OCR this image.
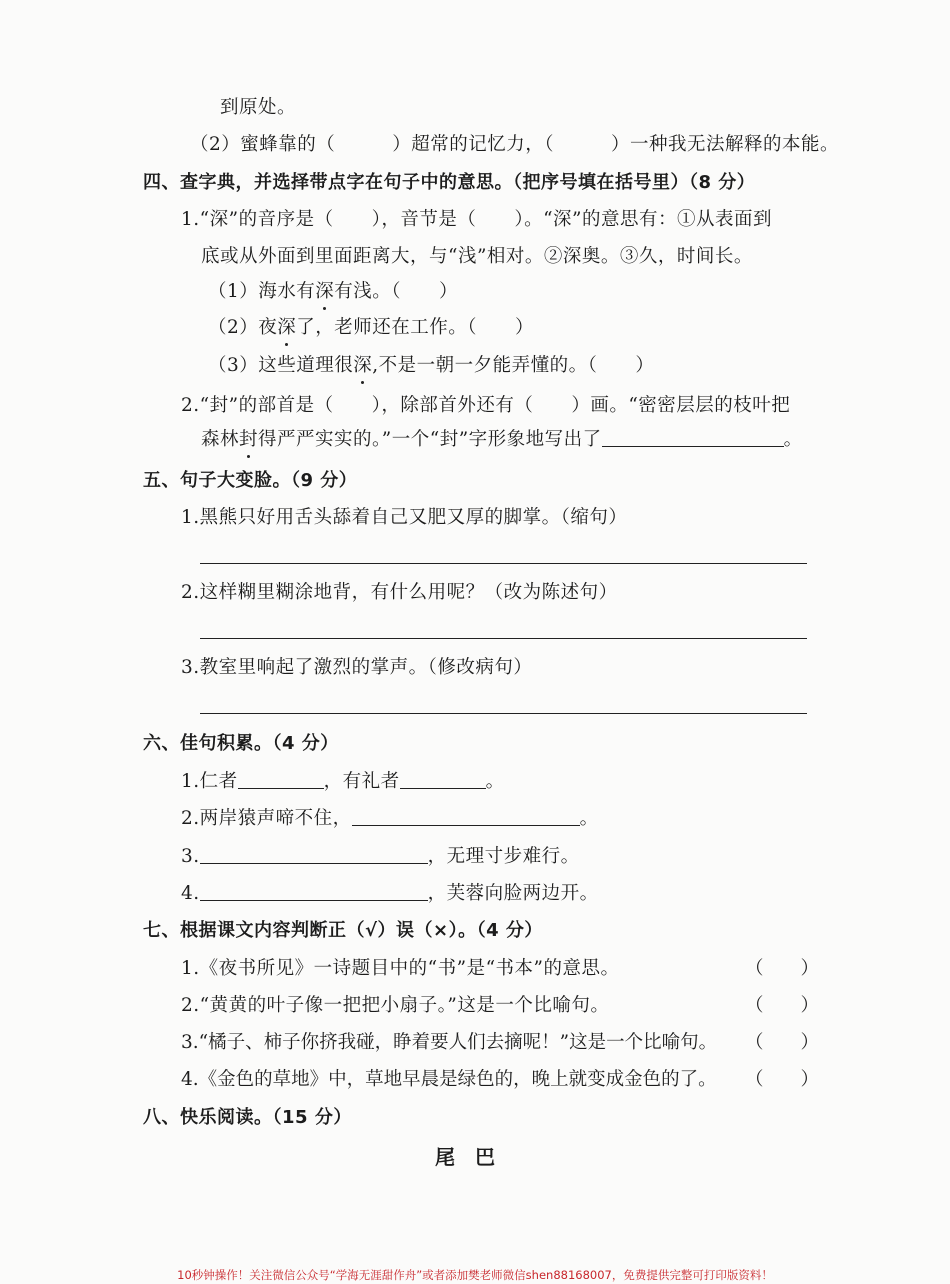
到原处。
（2）蜜蜂靠的（　　　）超常的记忆力，（　　　）一种我无法解释的本能。
四、查字典，并选择带点字在句子中的意思。（把序号填在括号里）（8 分）
1.“深”的音序是（　　），音节是（　　）。“深”的意思有：①从表面到
底或从外面到里面距离大，与“浅”相对。②深奥。③久，时间长。
（1）海水有深有浅。（　　）
（2）夜深了，老师还在工作。（　　）
（3）这些道理很深,不是一朝一夕能弄懂的。（　　）
2.“封”的部首是（　　），除部首外还有（　　）画。“密密层层的枝叶把
森林封得严严实实的。”一个“封”字形象地写出了	。
五、句子大变脸。（9 分）
1.黑熊只好用舌头舔着自己又肥又厚的脚掌。（缩句）
2.这样糊里糊涂地背，有什么用呢？（改为陈述句）
3.教室里响起了激烈的掌声。（修改病句）
六、佳句积累。（4 分）
1.仁者	，有礼者	。
2.两岸猿声啼不住，	。
3.	，无理寸步难行。
4.	，芙蓉向脸两边开。
七、根据课文内容判断正（√）误（×）。（4 分）
1.《夜书所见》一诗题目中的“书”是“书本”的意思。	（　　）
2.“黄黄的叶子像一把把小扇子。”这是一个比喻句。	（　　）
3.“橘子、柿子你挤我碰，睁着要人们去摘呢！”这是一个比喻句。 （　　）
4.《金色的草地》中，草地早晨是绿色的，晚上就变成金色的了。 （　　）
八、快乐阅读。（15 分）
尾巴
10秒钟操作！关注微信公众号“学海无涯甜作舟”或者添加樊老师微信shen88168007，免费提供完整可打印版资料！
